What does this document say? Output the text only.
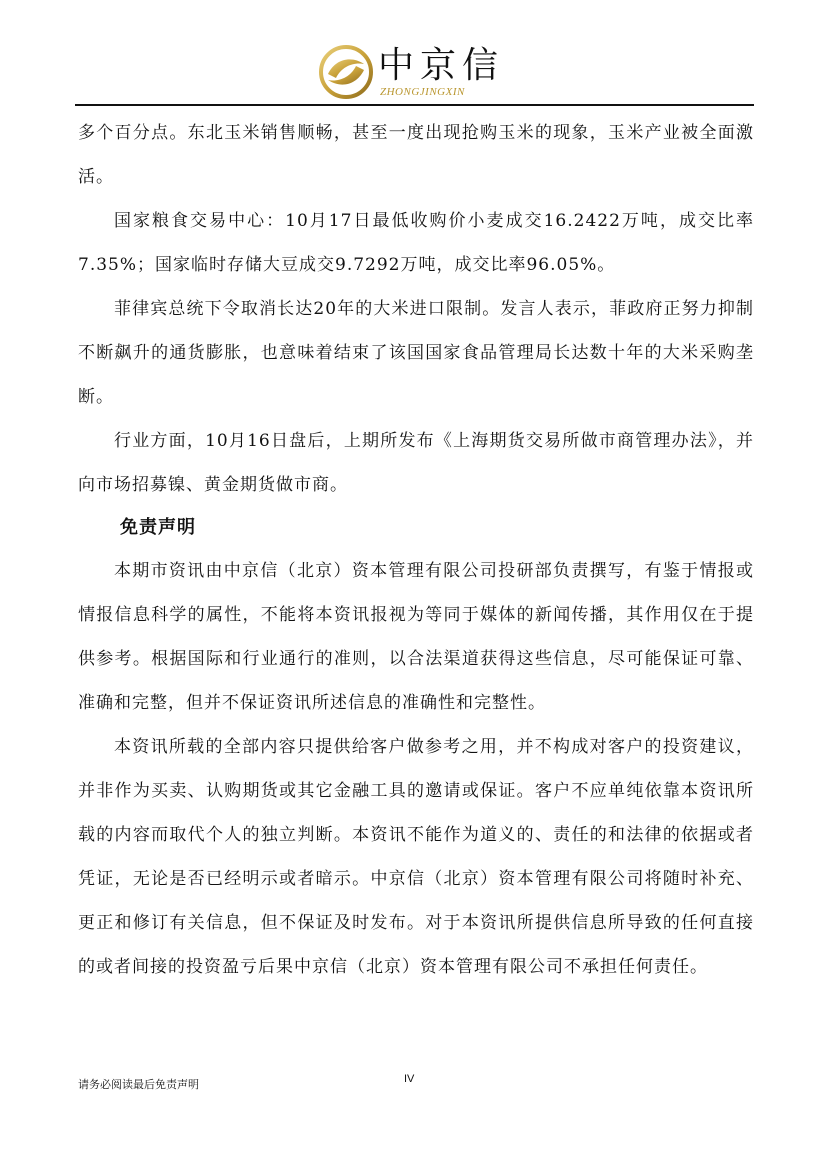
中京信
ZHONGJINGXIN

多个百分点。东北玉米销售顺畅，甚至一度出现抢购玉米的现象，玉米产业被全面激活。

国家粮食交易中心：10月17日最低收购价小麦成交16.2422万吨，成交比率7.35%；国家临时存储大豆成交9.7292万吨，成交比率96.05%。

菲律宾总统下令取消长达20年的大米进口限制。发言人表示，菲政府正努力抑制不断飙升的通货膨胀，也意味着结束了该国国家食品管理局长达数十年的大米采购垄断。

行业方面，10月16日盘后，上期所发布《上海期货交易所做市商管理办法》，并向市场招募镍、黄金期货做市商。

免责声明

本期市资讯由中京信（北京）资本管理有限公司投研部负责撰写，有鉴于情报或情报信息科学的属性，不能将本资讯报视为等同于媒体的新闻传播，其作用仅在于提供参考。根据国际和行业通行的准则，以合法渠道获得这些信息，尽可能保证可靠、准确和完整，但并不保证资讯所述信息的准确性和完整性。

本资讯所载的全部内容只提供给客户做参考之用，并不构成对客户的投资建议，并非作为买卖、认购期货或其它金融工具的邀请或保证。客户不应单纯依靠本资讯所载的内容而取代个人的独立判断。本资讯不能作为道义的、责任的和法律的依据或者凭证，无论是否已经明示或者暗示。中京信（北京）资本管理有限公司将随时补充、更正和修订有关信息，但不保证及时发布。对于本资讯所提供信息所导致的任何直接的或者间接的投资盈亏后果中京信（北京）资本管理有限公司不承担任何责任。

请务必阅读最后免责声明	IV
